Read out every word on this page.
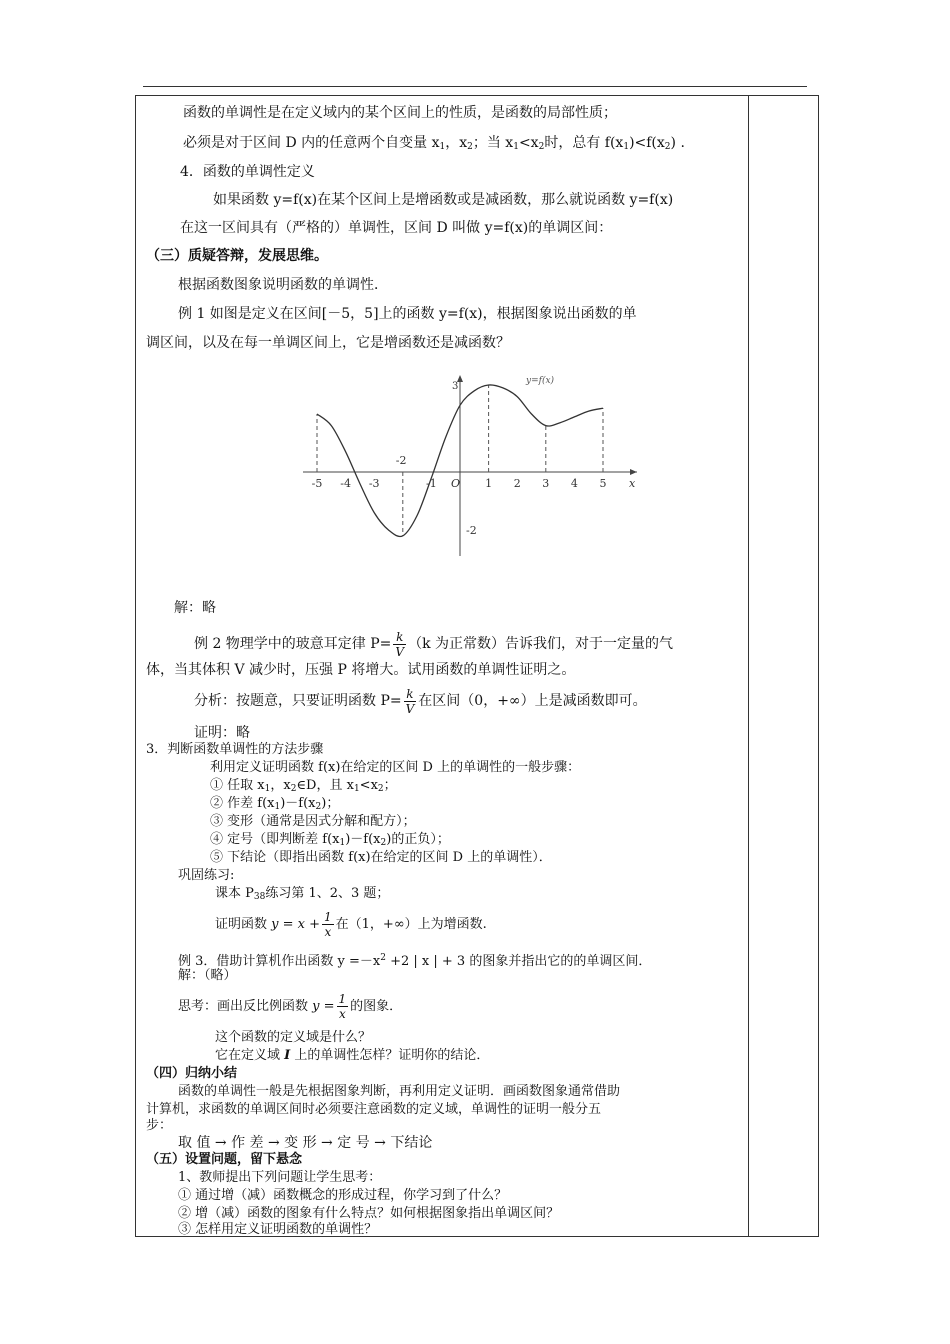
函数的单调性是在定义域内的某个区间上的性质，是函数的局部性质；
必须是对于区间 D 内的任意两个自变量 $x_1$，$x_2$；当 $x_1<x_2$时，总有 $f(x_1)<f(x_2)$ .
4．函数的单调性定义
如果函数 y=f(x)在某个区间上是增函数或是减函数，那么就说函数 y=f(x)
在这一区间具有（严格的）单调性，区间 D 叫做 y=f(x)的单调区间：
（三）质疑答辩，发展思维。
根据函数图象说明函数的单调性．
例 1 如图是定义在区间[－5，5]上的函数 y=f(x)，根据图象说出函数的单
调区间，以及在每一单调区间上，它是增函数还是减函数？
-5 -4 -3	-1	1 2 3 4 5
O	x
3
-2
-2
y=f(x)
解：略
例 2 物理学中的玻意耳定律 $P= \frac{k}{V} (k$ 为正常数）告诉我们，对于一定量的气
体，当其体积 V 减少时，压强 P 将增大。试用函数的单调性证明之。
分析：按题意，只要证明函数 $P= \frac{k}{V}$ 在区间（0，+∞）上是减函数即可。
证明：略
3．判断函数单调性的方法步骤
利用定义证明函数 f(x)在给定的区间 D 上的单调性的一般步骤：
① 任取 $x_1$，$x_2\in D$，且 $x_1<x_2$；
② 作差 $f(x_1)-f(x_2)$；
③ 变形（通常是因式分解和配方）；
④ 定号（即判断差 $f(x_1)-f(x_2)$的正负）；
⑤ 下结论（即指出函数 f(x)在给定的区间 D 上的单调性）．
巩固练习:
课本 $P_{38}$练习第 1、2、3 题；
证明函数 $y = x + \frac{1}{x}$ 在（1，+∞）上为增函数.
例 3．借助计算机作出函数 $y =-x^2 +2$ | x | + 3 的图象并指出它的的单调区间．
解：（略）
思考：画出反比例函数 $y = \frac{1}{x}$ 的图象．
这个函数的定义域是什么？
它在定义域 I 上的单调性怎样？证明你的结论．
（四）归纳小结
函数的单调性一般是先根据图象判断，再利用定义证明．画函数图象通常借助
计算机，求函数的单调区间时必须要注意函数的定义域，单调性的证明一般分五
步：
取 值 → 作 差 → 变 形 → 定 号 → 下结论
（五）设置问题，留下悬念
1、教师提出下列问题让学生思考：
① 通过增（减）函数概念的形成过程，你学习到了什么？
② 增（减）函数的图象有什么特点？如何根据图象指出单调区间？
③ 怎样用定义证明函数的单调性？
